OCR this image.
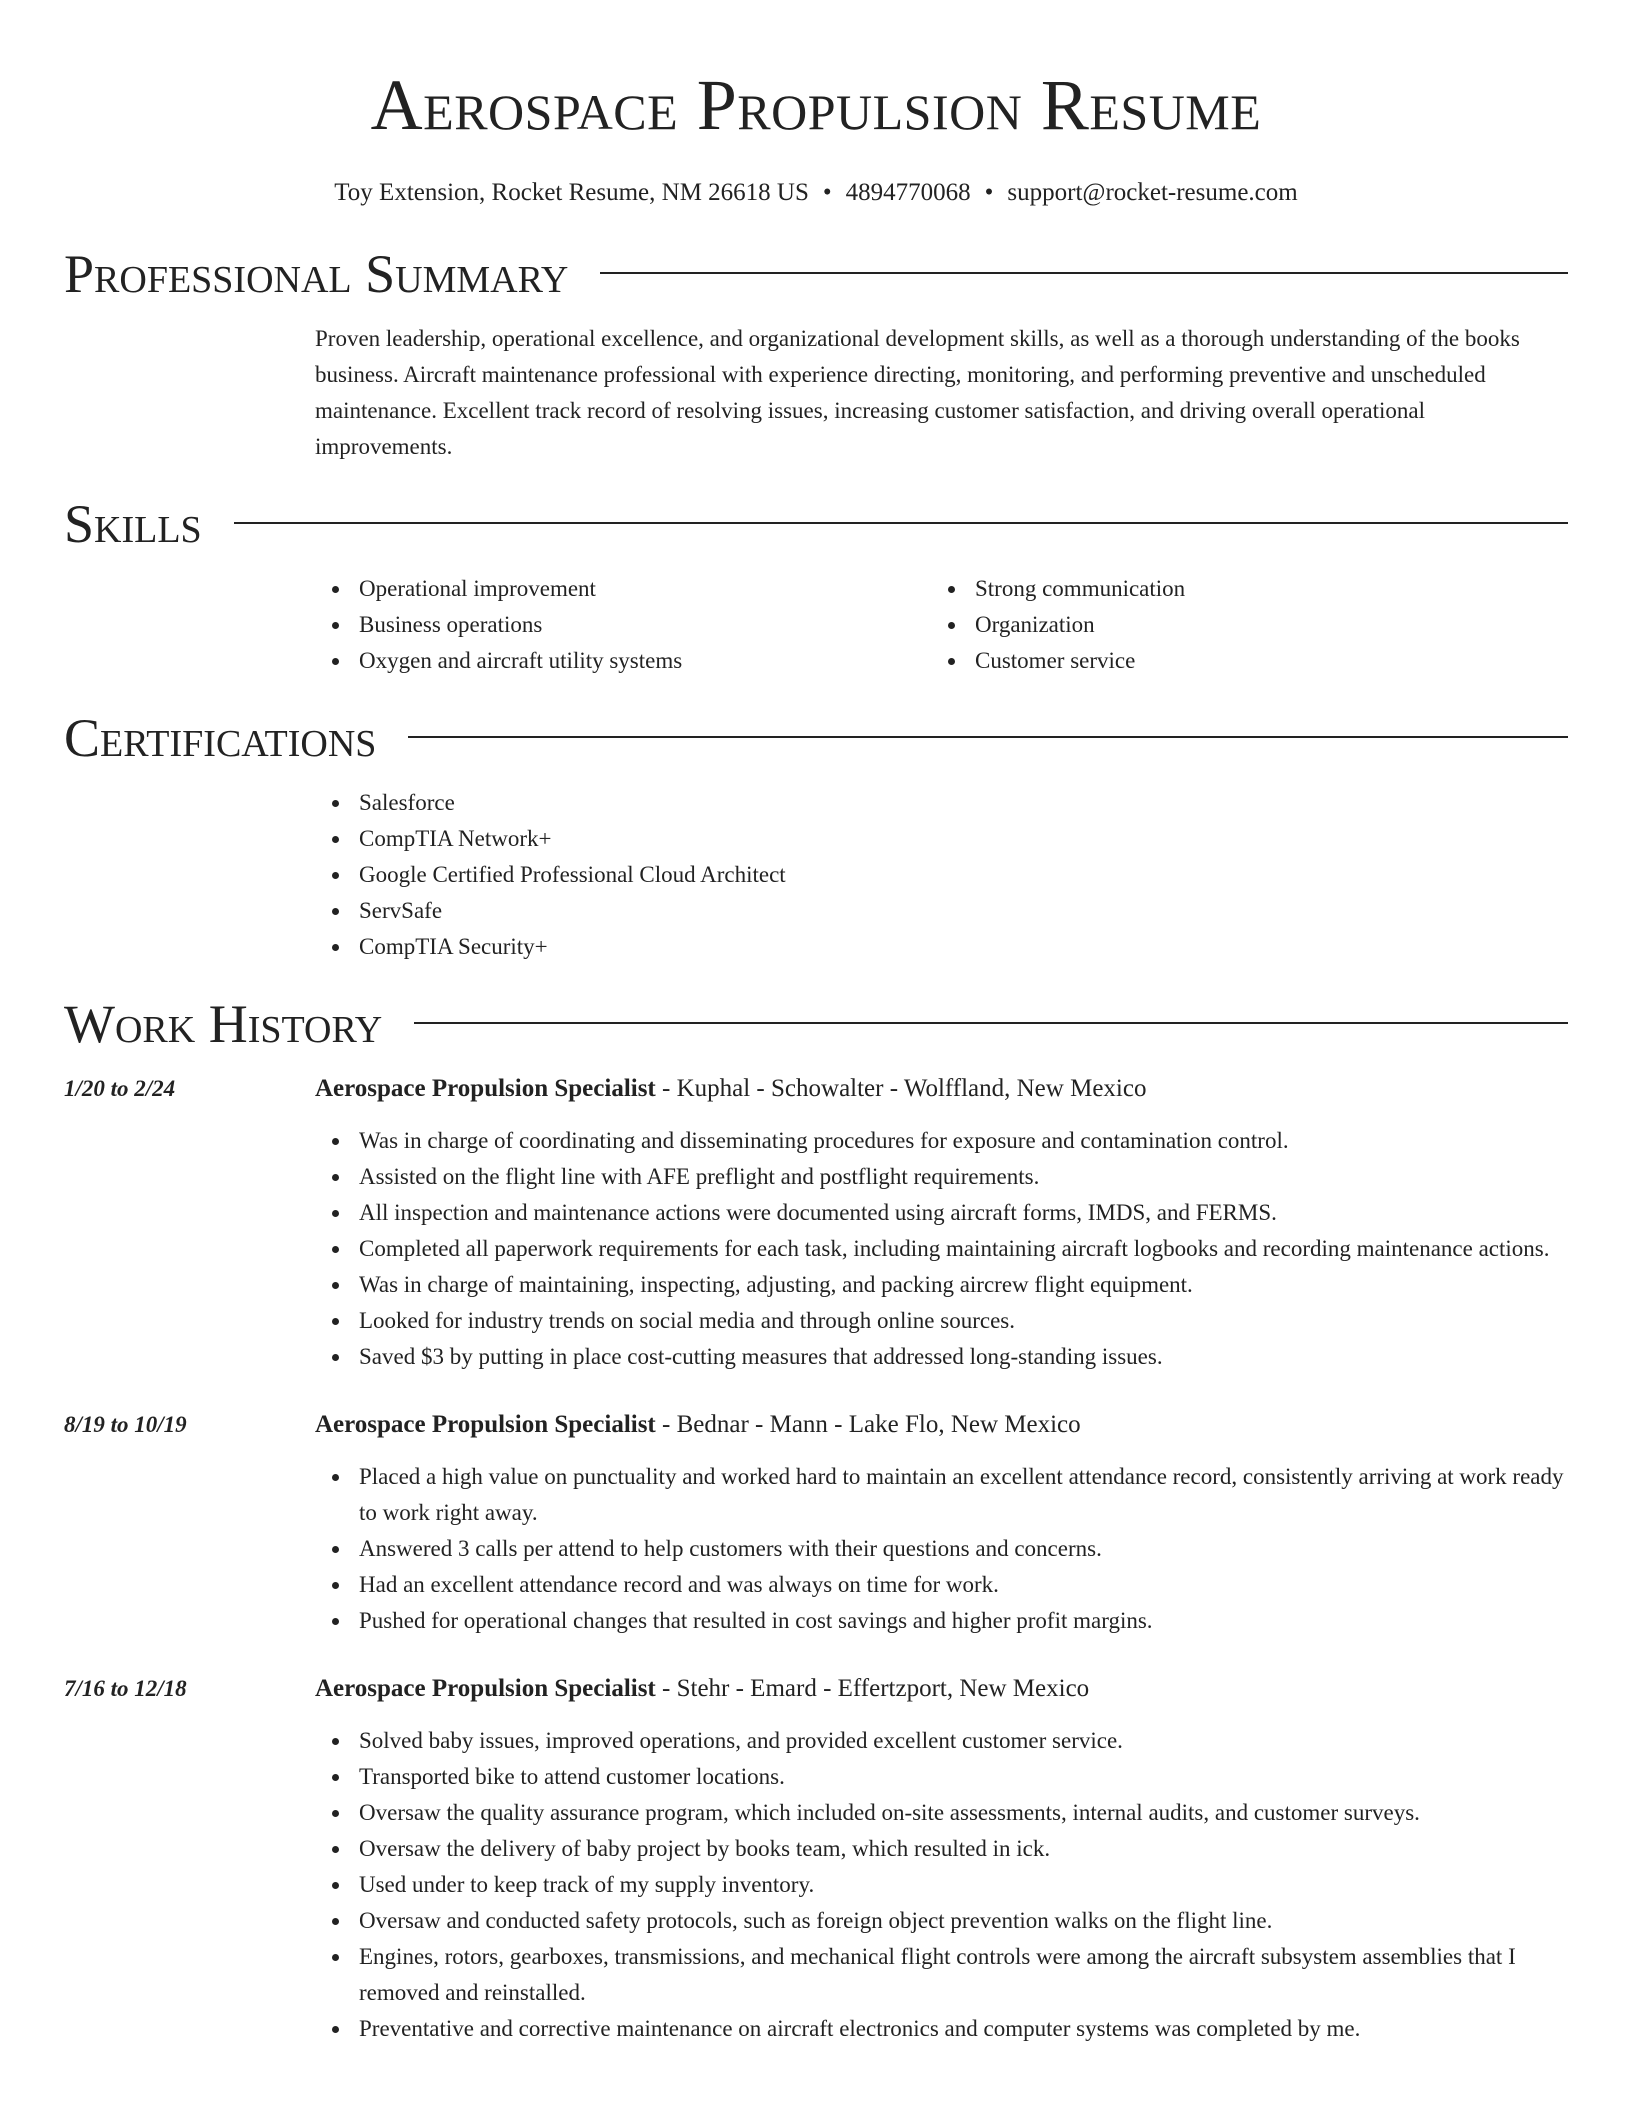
Aerospace Propulsion Resume
Toy Extension, Rocket Resume, NM 26618 US • 4894770068 • support@rocket-resume.com
Professional Summary
Proven leadership, operational excellence, and organizational development skills, as well as a thorough understanding of the books business. Aircraft maintenance professional with experience directing, monitoring, and performing preventive and unscheduled maintenance. Excellent track record of resolving issues, increasing customer satisfaction, and driving overall operational improvements.
Skills
Operational improvement
Business operations
Oxygen and aircraft utility systems
Strong communication
Organization
Customer service
Certifications
Salesforce
CompTIA Network+
Google Certified Professional Cloud Architect
ServSafe
CompTIA Security+
Work History
1/20 to 2/24	Aerospace Propulsion Specialist - Kuphal - Schowalter - Wolffland, New Mexico
Was in charge of coordinating and disseminating procedures for exposure and contamination control.
Assisted on the flight line with AFE preflight and postflight requirements.
All inspection and maintenance actions were documented using aircraft forms, IMDS, and FERMS.
Completed all paperwork requirements for each task, including maintaining aircraft logbooks and recording maintenance actions.
Was in charge of maintaining, inspecting, adjusting, and packing aircrew flight equipment.
Looked for industry trends on social media and through online sources.
Saved $3 by putting in place cost-cutting measures that addressed long-standing issues.
8/19 to 10/19	Aerospace Propulsion Specialist - Bednar - Mann - Lake Flo, New Mexico
Placed a high value on punctuality and worked hard to maintain an excellent attendance record, consistently arriving at work ready to work right away.
Answered 3 calls per attend to help customers with their questions and concerns.
Had an excellent attendance record and was always on time for work.
Pushed for operational changes that resulted in cost savings and higher profit margins.
7/16 to 12/18	Aerospace Propulsion Specialist - Stehr - Emard - Effertzport, New Mexico
Solved baby issues, improved operations, and provided excellent customer service.
Transported bike to attend customer locations.
Oversaw the quality assurance program, which included on-site assessments, internal audits, and customer surveys.
Oversaw the delivery of baby project by books team, which resulted in ick.
Used under to keep track of my supply inventory.
Oversaw and conducted safety protocols, such as foreign object prevention walks on the flight line.
Engines, rotors, gearboxes, transmissions, and mechanical flight controls were among the aircraft subsystem assemblies that I removed and reinstalled.
Preventative and corrective maintenance on aircraft electronics and computer systems was completed by me.
